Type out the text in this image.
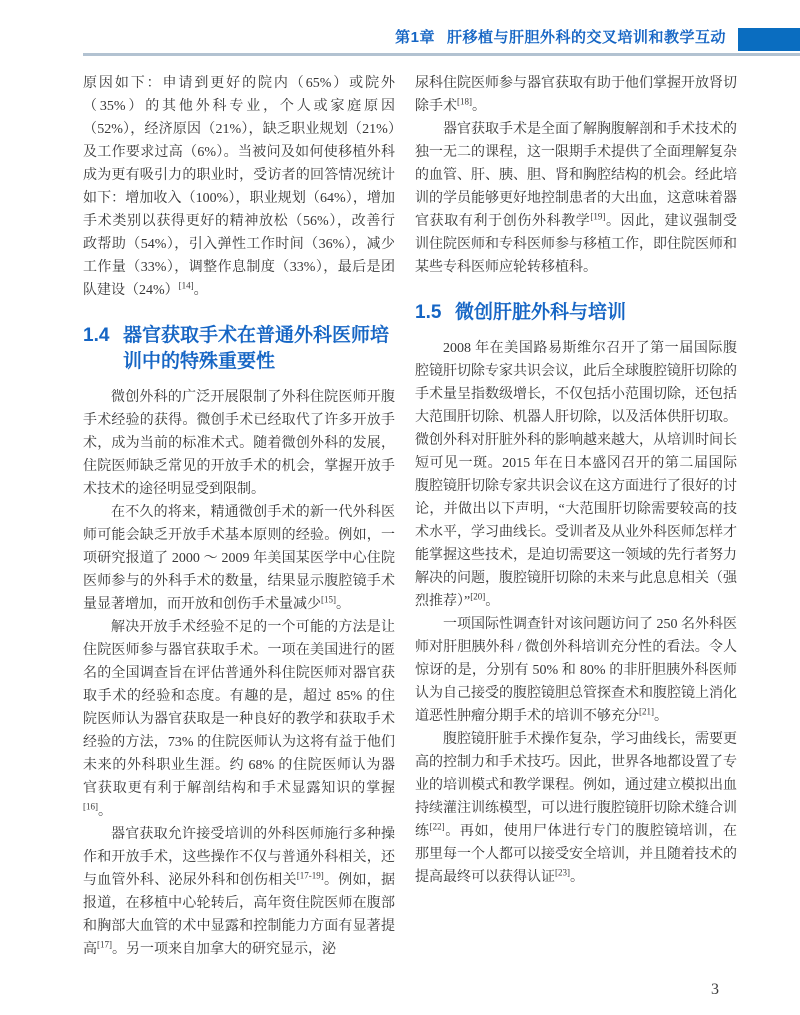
第1章 肝移植与肝胆外科的交叉培训和教学互动

原因如下：申请到更好的院内（65%）或院外（35%）的其他外科专业，个人或家庭原因（52%），经济原因（21%），缺乏职业规划（21%）及工作要求过高（6%）。当被问及如何使移植外科成为更有吸引力的职业时，受访者的回答情况统计如下：增加收入（100%），职业规划（64%），增加手术类别以获得更好的精神放松（56%），改善行政帮助（54%），引入弹性工作时间（36%），减少工作量（33%），调整作息制度（33%），最后是团队建设（24%）[14]。

1.4 器官获取手术在普通外科医师培训中的特殊重要性

微创外科的广泛开展限制了外科住院医师开腹手术经验的获得。微创手术已经取代了许多开放手术，成为当前的标准术式。随着微创外科的发展，住院医师缺乏常见的开放手术的机会，掌握开放手术技术的途径明显受到限制。

在不久的将来，精通微创手术的新一代外科医师可能会缺乏开放手术基本原则的经验。例如，一项研究报道了 2000 ～ 2009 年美国某医学中心住院医师参与的外科手术的数量，结果显示腹腔镜手术量显著增加，而开放和创伤手术量减少[15]。

解决开放手术经验不足的一个可能的方法是让住院医师参与器官获取手术。一项在美国进行的匿名的全国调查旨在评估普通外科住院医师对器官获取手术的经验和态度。有趣的是，超过 85% 的住院医师认为器官获取是一种良好的教学和获取手术经验的方法，73% 的住院医师认为这将有益于他们未来的外科职业生涯。约 68% 的住院医师认为器官获取更有利于解剖结构和手术显露知识的掌握[16]。

器官获取允许接受培训的外科医师施行多种操作和开放手术，这些操作不仅与普通外科相关，还与血管外科、泌尿外科和创伤相关[17-19]。例如，据报道，在移植中心轮转后，高年资住院医师在腹部和胸部大血管的术中显露和控制能力方面有显著提高[17]。另一项来自加拿大的研究显示，泌

尿科住院医师参与器官获取有助于他们掌握开放肾切除手术[18]。

器官获取手术是全面了解胸腹解剖和手术技术的独一无二的课程，这一限期手术提供了全面理解复杂的血管、肝、胰、胆、肾和胸腔结构的机会。经此培训的学员能够更好地控制患者的大出血，这意味着器官获取有利于创伤外科教学[19]。因此，建议强制受训住院医师和专科医师参与移植工作，即住院医师和某些专科医师应轮转移植科。

1.5 微创肝脏外科与培训

2008 年在美国路易斯维尔召开了第一届国际腹腔镜肝切除专家共识会议，此后全球腹腔镜肝切除的手术量呈指数级增长，不仅包括小范围切除，还包括大范围肝切除、机器人肝切除，以及活体供肝切取。微创外科对肝脏外科的影响越来越大，从培训时间长短可见一斑。2015 年在日本盛冈召开的第二届国际腹腔镜肝切除专家共识会议在这方面进行了很好的讨论，并做出以下声明，“大范围肝切除需要较高的技术水平，学习曲线长。受训者及从业外科医师怎样才能掌握这些技术，是迫切需要这一领域的先行者努力解决的问题，腹腔镜肝切除的未来与此息息相关（强烈推荐）”[20]。

一项国际性调查针对该问题访问了 250 名外科医师对肝胆胰外科 / 微创外科培训充分性的看法。令人惊讶的是，分别有 50% 和 80% 的非肝胆胰外科医师认为自己接受的腹腔镜胆总管探查术和腹腔镜上消化道恶性肿瘤分期手术的培训不够充分[21]。

腹腔镜肝脏手术操作复杂，学习曲线长，需要更高的控制力和手术技巧。因此，世界各地都设置了专业的培训模式和教学课程。例如，通过建立模拟出血持续灌注训练模型，可以进行腹腔镜肝切除术缝合训练[22]。再如，使用尸体进行专门的腹腔镜培训，在那里每一个人都可以接受安全培训，并且随着技术的提高最终可以获得认证[23]。

3
